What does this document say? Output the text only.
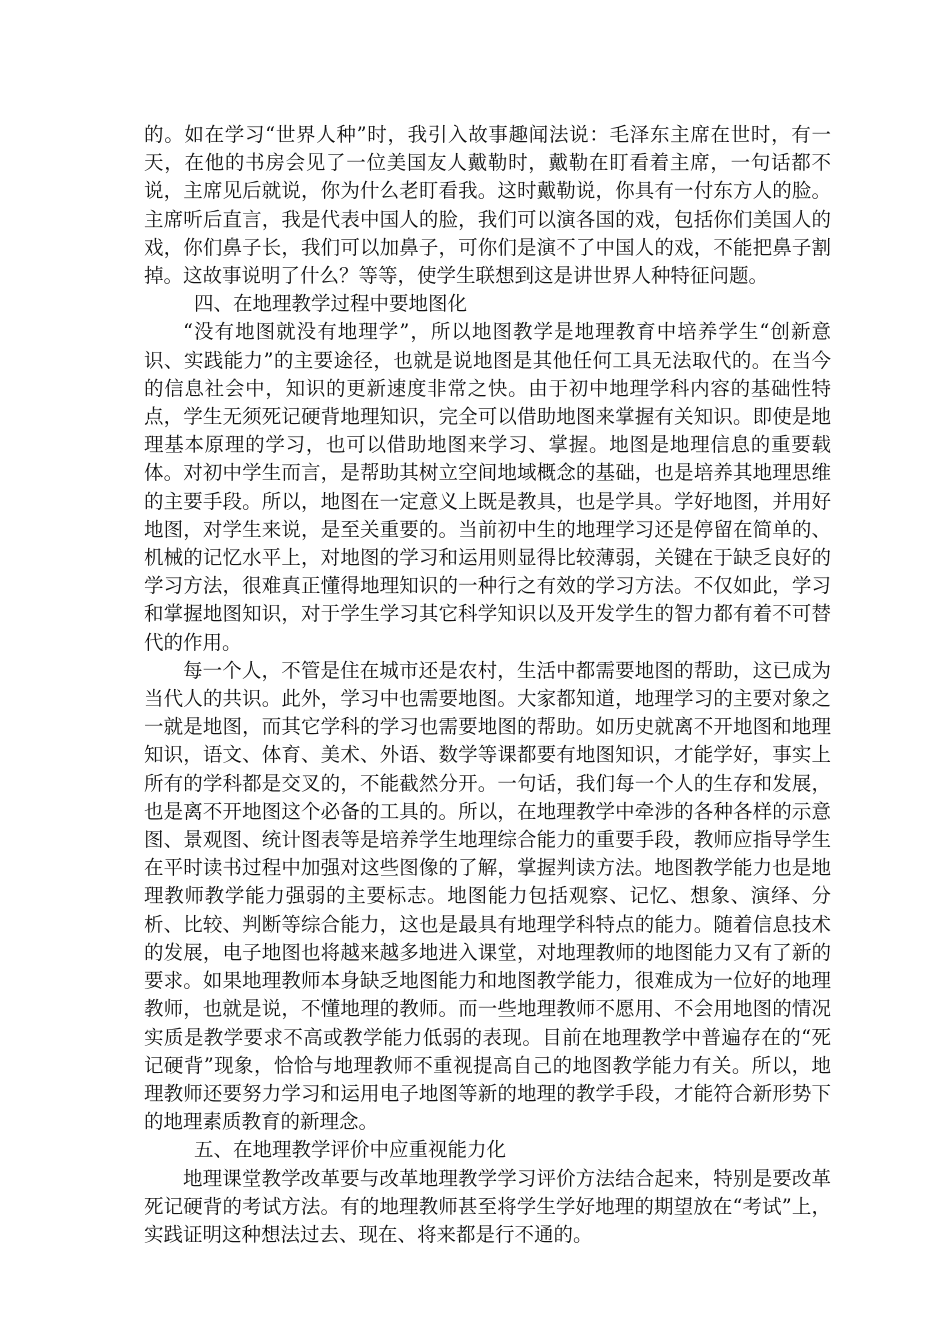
的。如在学习“世界人种”时，我引入故事趣闻法说：毛泽东主席在世时，有一天，在他的书房会见了一位美国友人戴勒时，戴勒在盯看着主席，一句话都不说，主席见后就说，你为什么老盯看我。这时戴勒说，你具有一付东方人的脸。主席听后直言，我是代表中国人的脸，我们可以演各国的戏，包括你们美国人的戏，你们鼻子长，我们可以加鼻子，可你们是演不了中国人的戏，不能把鼻子割掉。这故事说明了什么？等等，使学生联想到这是讲世界人种特征问题。

四、在地理教学过程中要地图化

“没有地图就没有地理学”，所以地图教学是地理教育中培养学生“创新意识、实践能力”的主要途径，也就是说地图是其他任何工具无法取代的。在当今的信息社会中，知识的更新速度非常之快。由于初中地理学科内容的基础性特点，学生无须死记硬背地理知识，完全可以借助地图来掌握有关知识。即使是地理基本原理的学习，也可以借助地图来学习、掌握。地图是地理信息的重要载体。对初中学生而言，是帮助其树立空间地域概念的基础，也是培养其地理思维的主要手段。所以，地图在一定意义上既是教具，也是学具。学好地图，并用好地图，对学生来说，是至关重要的。当前初中生的地理学习还是停留在简单的、机械的记忆水平上，对地图的学习和运用则显得比较薄弱，关键在于缺乏良好的学习方法，很难真正懂得地理知识的一种行之有效的学习方法。不仅如此，学习和掌握地图知识，对于学生学习其它科学知识以及开发学生的智力都有着不可替代的作用。

每一个人，不管是住在城市还是农村，生活中都需要地图的帮助，这已成为当代人的共识。此外，学习中也需要地图。大家都知道，地理学习的主要对象之一就是地图，而其它学科的学习也需要地图的帮助。如历史就离不开地图和地理知识，语文、体育、美术、外语、数学等课都要有地图知识，才能学好，事实上所有的学科都是交叉的，不能截然分开。一句话，我们每一个人的生存和发展，也是离不开地图这个必备的工具的。所以，在地理教学中牵涉的各种各样的示意图、景观图、统计图表等是培养学生地理综合能力的重要手段，教师应指导学生在平时读书过程中加强对这些图像的了解，掌握判读方法。地图教学能力也是地理教师教学能力强弱的主要标志。地图能力包括观察、记忆、想象、演绎、分析、比较、判断等综合能力，这也是最具有地理学科特点的能力。随着信息技术的发展，电子地图也将越来越多地进入课堂，对地理教师的地图能力又有了新的要求。如果地理教师本身缺乏地图能力和地图教学能力，很难成为一位好的地理教师，也就是说，不懂地理的教师。而一些地理教师不愿用、不会用地图的情况实质是教学要求不高或教学能力低弱的表现。目前在地理教学中普遍存在的“死记硬背”现象，恰恰与地理教师不重视提高自己的地图教学能力有关。所以，地理教师还要努力学习和运用电子地图等新的地理的教学手段，才能符合新形势下的地理素质教育的新理念。

五、在地理教学评价中应重视能力化

地理课堂教学改革要与改革地理教学学习评价方法结合起来，特别是要改革死记硬背的考试方法。有的地理教师甚至将学生学好地理的期望放在“考试”上，实践证明这种想法过去、现在、将来都是行不通的。
